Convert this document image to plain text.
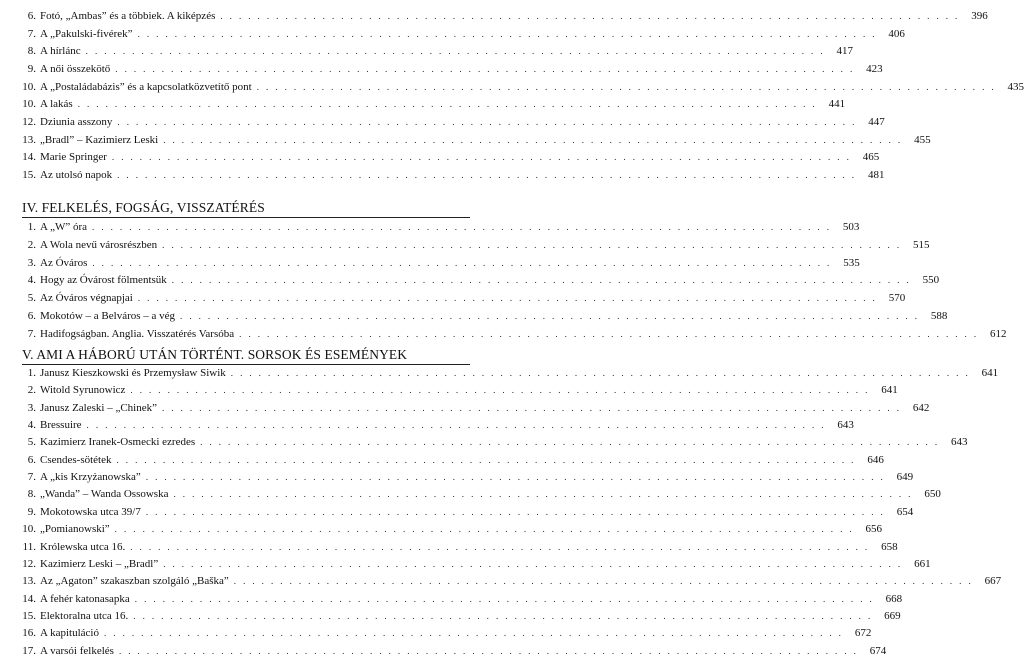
6. Fotó, „Ambas” és a többiek. A kiképzés . . . . . . . . . . . . . . . . . . . . . . . . . . . . . . . . . . . . . . . . . . . . . . . . . . . . . . . . . . . . . . . . . . . . . . . . . . . . . . . .	396
7. A „Pakulski-fivérek” . . . . . . . . . . . . . . . . . . . . . . . . . . . . . . . . . . . . . . . . . . . . . . . . . . . . . . . . . . . . . . . . . . . . . . . . . . . . . . . .	406
8. A hírlánc . . . . . . . . . . . . . . . . . . . . . . . . . . . . . . . . . . . . . . . . . . . . . . . . . . . . . . . . . . . . . . . . . . . . . . . . . . . . . . . .	417
9. A női összekötő . . . . . . . . . . . . . . . . . . . . . . . . . . . . . . . . . . . . . . . . . . . . . . . . . . . . . . . . . . . . . . . . . . . . . . . . . . . . . . . .	423
10. A „Postaládabázis” és a kapcsolatközvetítő pont . . . . . . . . . . . . . . . . . . . . . . . . . . . . . . . . . . . . . . . . . . . . . . . . . . . . . . . . . . . . . . . . . . . . . . . . . . . . . . . .	435
10. A lakás . . . . . . . . . . . . . . . . . . . . . . . . . . . . . . . . . . . . . . . . . . . . . . . . . . . . . . . . . . . . . . . . . . . . . . . . . . . . . . . .	441
12. Dziunia asszony . . . . . . . . . . . . . . . . . . . . . . . . . . . . . . . . . . . . . . . . . . . . . . . . . . . . . . . . . . . . . . . . . . . . . . . . . . . . . . . .	447
13. „Bradl” – Kazimierz Leski . . . . . . . . . . . . . . . . . . . . . . . . . . . . . . . . . . . . . . . . . . . . . . . . . . . . . . . . . . . . . . . . . . . . . . . . . . . . . . . .	455
14. Marie Springer . . . . . . . . . . . . . . . . . . . . . . . . . . . . . . . . . . . . . . . . . . . . . . . . . . . . . . . . . . . . . . . . . . . . . . . . . . . . . . . .	465
15. Az utolsó napok . . . . . . . . . . . . . . . . . . . . . . . . . . . . . . . . . . . . . . . . . . . . . . . . . . . . . . . . . . . . . . . . . . . . . . . . . . . . . . . .	481
IV. FELKELÉS, FOGSÁG, VISSZATÉRÉS
1. A „W” óra . . . . . . . . . . . . . . . . . . . . . . . . . . . . . . . . . . . . . . . . . . . . . . . . . . . . . . . . . . . . . . . . . . . . . . . . . . . . . . . .	503
2. A Wola nevű városrészben . . . . . . . . . . . . . . . . . . . . . . . . . . . . . . . . . . . . . . . . . . . . . . . . . . . . . . . . . . . . . . . . . . . . . . . . . . . . . . . .	515
3. Az Óváros . . . . . . . . . . . . . . . . . . . . . . . . . . . . . . . . . . . . . . . . . . . . . . . . . . . . . . . . . . . . . . . . . . . . . . . . . . . . . . . .	535
4. Hogy az Óvárost fölmentsük . . . . . . . . . . . . . . . . . . . . . . . . . . . . . . . . . . . . . . . . . . . . . . . . . . . . . . . . . . . . . . . . . . . . . . . . . . . . . . . .	550
5. Az Óváros végnapjai . . . . . . . . . . . . . . . . . . . . . . . . . . . . . . . . . . . . . . . . . . . . . . . . . . . . . . . . . . . . . . . . . . . . . . . . . . . . . . . .	570
6. Mokotów – a Belváros – a vég . . . . . . . . . . . . . . . . . . . . . . . . . . . . . . . . . . . . . . . . . . . . . . . . . . . . . . . . . . . . . . . . . . . . . . . . . . . . . . . .	588
7. Hadifogságban. Anglia. Visszatérés Varsóba . . . . . . . . . . . . . . . . . . . . . . . . . . . . . . . . . . . . . . . . . . . . . . . . . . . . . . . . . . . . . . . . . . . . . . . . . . . . . . . .	612
V. AMI A HÁBORÚ UTÁN TÖRTÉNT. SORSOK ÉS ESEMÉNYEK
1. Janusz Kieszkowski és Przemysław Siwik . . . . . . . . . . . . . . . . . . . . . . . . . . . . . . . . . . . . . . . . . . . . . . . . . . . . . . . . . . . . . . . . . . . . . . . . . . . . . . . .	641
2. Witold Syrunowicz . . . . . . . . . . . . . . . . . . . . . . . . . . . . . . . . . . . . . . . . . . . . . . . . . . . . . . . . . . . . . . . . . . . . . . . . . . . . . . . .	641
3. Janusz Zaleski – „Chinek” . . . . . . . . . . . . . . . . . . . . . . . . . . . . . . . . . . . . . . . . . . . . . . . . . . . . . . . . . . . . . . . . . . . . . . . . . . . . . . . .	642
4. Bressuire . . . . . . . . . . . . . . . . . . . . . . . . . . . . . . . . . . . . . . . . . . . . . . . . . . . . . . . . . . . . . . . . . . . . . . . . . . . . . . . .	643
5. Kazimierz Iranek-Osmecki ezredes . . . . . . . . . . . . . . . . . . . . . . . . . . . . . . . . . . . . . . . . . . . . . . . . . . . . . . . . . . . . . . . . . . . . . . . . . . . . . . . .	643
6. Csendes-sötétek . . . . . . . . . . . . . . . . . . . . . . . . . . . . . . . . . . . . . . . . . . . . . . . . . . . . . . . . . . . . . . . . . . . . . . . . . . . . . . . .	646
7. A „kis Krzyżanowska” . . . . . . . . . . . . . . . . . . . . . . . . . . . . . . . . . . . . . . . . . . . . . . . . . . . . . . . . . . . . . . . . . . . . . . . . . . . . . . . .	649
8. „Wanda” – Wanda Ossowska . . . . . . . . . . . . . . . . . . . . . . . . . . . . . . . . . . . . . . . . . . . . . . . . . . . . . . . . . . . . . . . . . . . . . . . . . . . . . . . .	650
9. Mokotowska utca 39/7 . . . . . . . . . . . . . . . . . . . . . . . . . . . . . . . . . . . . . . . . . . . . . . . . . . . . . . . . . . . . . . . . . . . . . . . . . . . . . . . .	654
10. „Pomianowski” . . . . . . . . . . . . . . . . . . . . . . . . . . . . . . . . . . . . . . . . . . . . . . . . . . . . . . . . . . . . . . . . . . . . . . . . . . . . . . . .	656
11. Królewska utca 16. . . . . . . . . . . . . . . . . . . . . . . . . . . . . . . . . . . . . . . . . . . . . . . . . . . . . . . . . . . . . . . . . . . . . . . . . . . . . . . . .	658
12. Kazimierz Leski – „Bradl” . . . . . . . . . . . . . . . . . . . . . . . . . . . . . . . . . . . . . . . . . . . . . . . . . . . . . . . . . . . . . . . . . . . . . . . . . . . . . . . .	661
13. Az „Agaton” szakaszban szolgáló „Baška” . . . . . . . . . . . . . . . . . . . . . . . . . . . . . . . . . . . . . . . . . . . . . . . . . . . . . . . . . . . . . . . . . . . . . . . . . . . . . . . .	667
14. A fehér katonasapka . . . . . . . . . . . . . . . . . . . . . . . . . . . . . . . . . . . . . . . . . . . . . . . . . . . . . . . . . . . . . . . . . . . . . . . . . . . . . . . .	668
15. Elektoralna utca 16. . . . . . . . . . . . . . . . . . . . . . . . . . . . . . . . . . . . . . . . . . . . . . . . . . . . . . . . . . . . . . . . . . . . . . . . . . . . . . . . .	669
16. A kapituláció . . . . . . . . . . . . . . . . . . . . . . . . . . . . . . . . . . . . . . . . . . . . . . . . . . . . . . . . . . . . . . . . . . . . . . . . . . . . . . . .	672
17. A varsói felkelés . . . . . . . . . . . . . . . . . . . . . . . . . . . . . . . . . . . . . . . . . . . . . . . . . . . . . . . . . . . . . . . . . . . . . . . . . . . . . . . .	674
